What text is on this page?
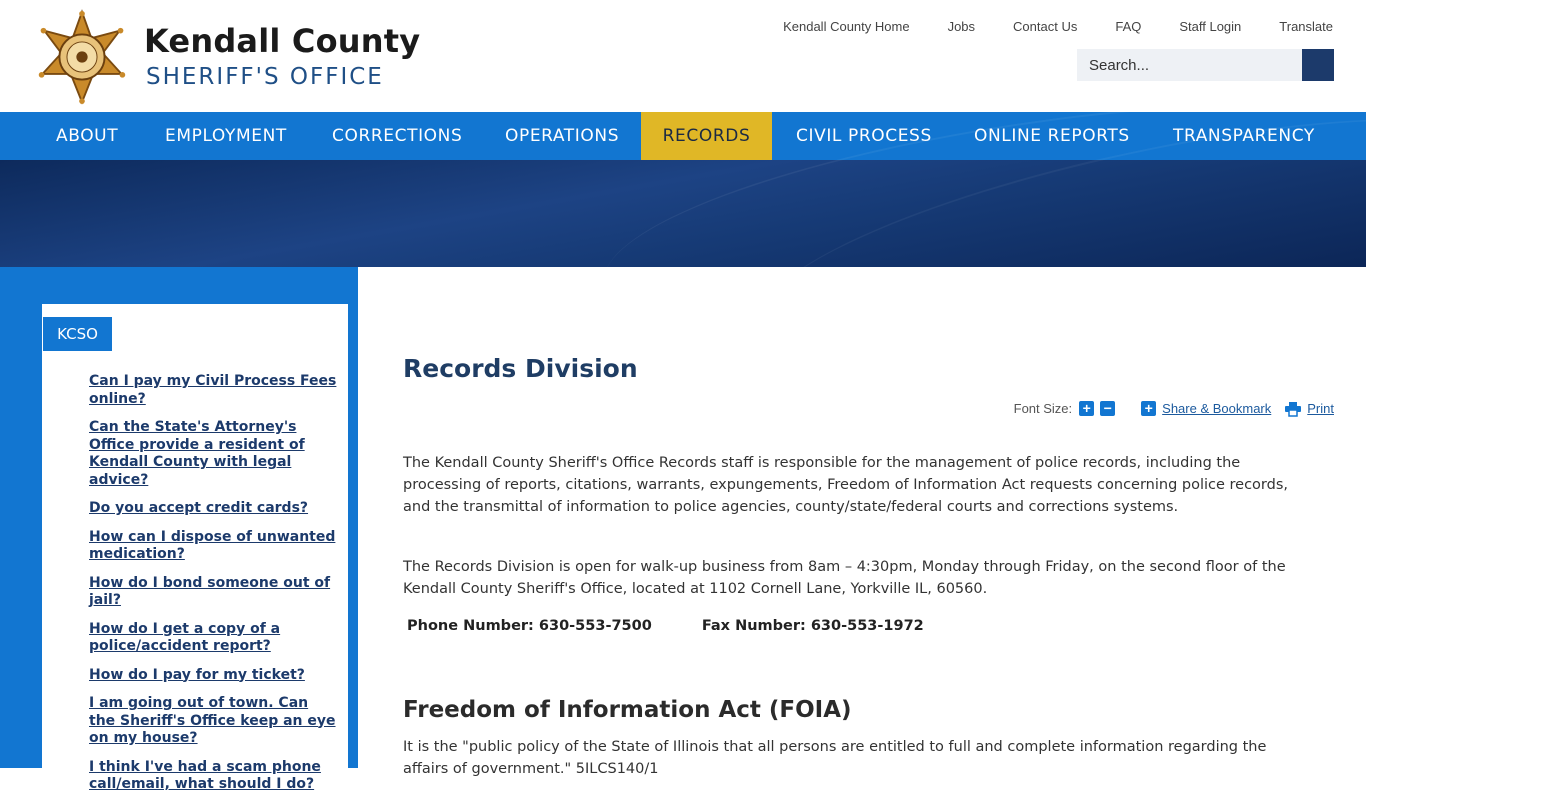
Kendall County
SHERIFF'S OFFICE
Kendall County Home	Jobs	Contact Us	FAQ	Staff Login	Translate
Search...
ABOUT	EMPLOYMENT	CORRECTIONS	OPERATIONS	RECORDS	CIVIL PROCESS	ONLINE REPORTS	TRANSPARENCY
KCSO
Can I pay my Civil Process Fees online?
Can the State's Attorney's Office provide a resident of Kendall County with legal advice?
Do you accept credit cards?
How can I dispose of unwanted medication?
How do I bond someone out of jail?
How do I get a copy of a police/accident report?
How do I pay for my ticket?
I am going out of town. Can the Sheriff's Office keep an eye on my house?
I think I've had a scam phone call/email, what should I do?
Records Division
Font Size: + − + Share & Bookmark	Print

The Kendall County Sheriff's Office Records staff is responsible for the management of police records, including the processing of reports, citations, warrants, expungements, Freedom of Information Act requests concerning police records, and the transmittal of information to police agencies, county/state/federal courts and corrections systems.

The Records Division is open for walk-up business from 8am – 4:30pm, Monday through Friday, on the second floor of the Kendall County Sheriff's Office, located at 1102 Cornell Lane, Yorkville IL, 60560.

Phone Number: 630-553-7500	Fax Number: 630-553-1972
Freedom of Information Act (FOIA)

It is the "public policy of the State of Illinois that all persons are entitled to full and complete information regarding the affairs of government." 5ILCS140/1
